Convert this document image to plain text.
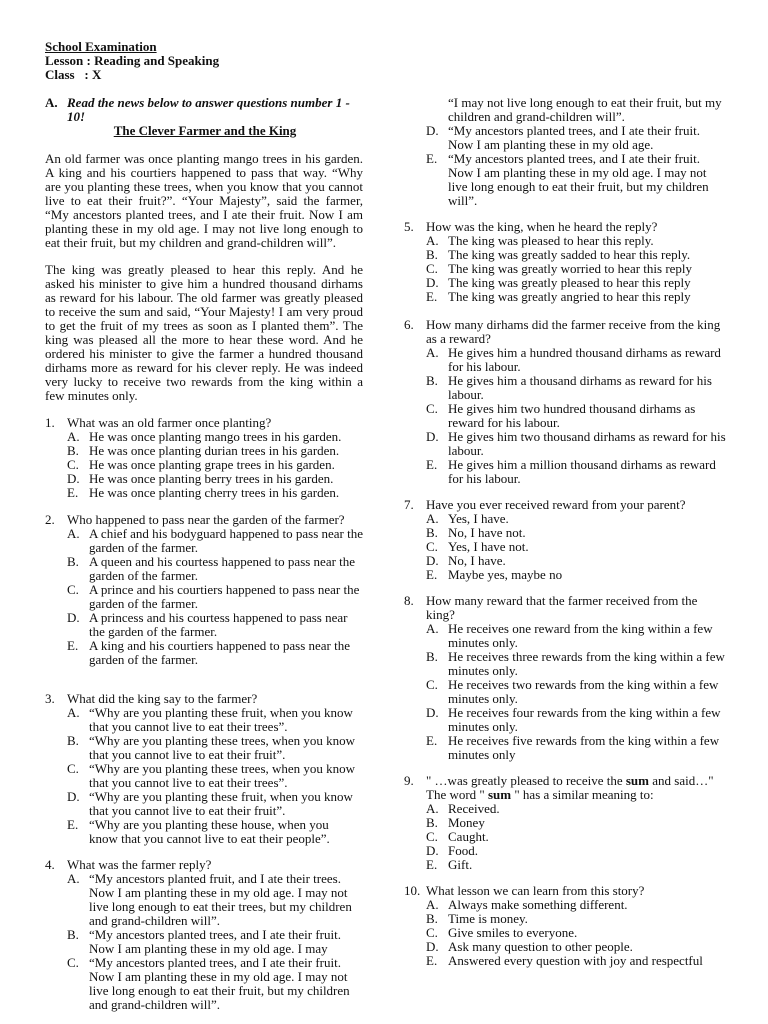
School Examination
Lesson : Reading and Speaking
Class   : X
A. Read the news below to answer questions number 1 - 10!
The Clever Farmer and the King
An old farmer was once planting mango trees in his garden. A king and his courtiers happened to pass that way. “Why are you planting these trees, when you know that you cannot live to eat their fruit?”. “Your Majesty”, said the farmer, “My ancestors planted trees, and I ate their fruit. Now I am planting these in my old age. I may not live long enough to eat their fruit, but my children and grand-children will”.
The king was greatly pleased to hear this reply. And he asked his minister to give him a hundred thousand dirhams as reward for his labour. The old farmer was greatly pleased to receive the sum and said, “Your Majesty! I am very proud to get the fruit of my trees as soon as I planted them”. The king was pleased all the more to hear these word. And he ordered his minister to give the farmer a hundred thousand dirhams more as reward for his clever reply. He was indeed very lucky to receive two rewards from the king within a few minutes only.
1. What was an old farmer once planting?
A. He was once planting mango trees in his garden.
B. He was once planting durian trees in his garden.
C. He was once planting grape trees in his garden.
D. He was once planting berry trees in his garden.
E. He was once planting cherry trees in his garden.
2. Who happened to pass near the garden of the farmer?
A. A chief and his bodyguard happened to pass near the garden of the farmer.
B. A queen and his courtess happened to pass near the garden of the farmer.
C. A prince and his courtiers happened to pass near the garden of the farmer.
D. A princess and his courtess happened to pass near the garden of the farmer.
E. A king and his courtiers happened to pass near the garden of the farmer.
3. What did the king say to the farmer?
A. “Why are you planting these fruit, when you know that you cannot live to eat their trees”.
B. “Why are you planting these trees, when you know that you cannot live to eat their fruit”.
C. “Why are you planting these trees, when you know that you cannot live to eat their trees”.
D. “Why are you planting these fruit, when you know that you cannot live to eat their fruit”.
E. “Why are you planting these house, when you know that you cannot live to eat their people”.
4. What was the farmer reply?
A. “My ancestors planted fruit, and I ate their trees. Now I am planting these in my old age. I may not live long enough to eat their trees, but my children and grand-children will”.
B. “My ancestors planted trees, and I ate their fruit. Now I am planting these in my old age. I may
C. “My ancestors planted trees, and I ate their fruit. Now I am planting these in my old age. I may not live long enough to eat their fruit, but my children and grand-children will”.
“I may not live long enough to eat their fruit, but my children and grand-children will”.
D. “My ancestors planted trees, and I ate their fruit. Now I am planting these in my old age.
E. “My ancestors planted trees, and I ate their fruit. Now I am planting these in my old age. I may not live long enough to eat their fruit, but my children will”.
5. How was the king, when he heard the reply?
A. The king was pleased to hear this reply.
B. The king was greatly sadded to hear this reply.
C. The king was greatly worried to hear this reply
D. The king was greatly pleased to hear this reply
E. The king was greatly angried to hear this reply
6. How many dirhams did the farmer receive from the king as a reward?
A. He gives him a hundred thousand dirhams as reward for his labour.
B. He gives him a thousand dirhams as reward for his labour.
C. He gives him two hundred thousand dirhams as reward for his labour.
D. He gives him two thousand dirhams as reward for his labour.
E. He gives him a million thousand dirhams as reward for his labour.
7. Have you ever received reward from your parent?
A. Yes, I have.
B. No, I have not.
C. Yes, I have not.
D. No, I have.
E. Maybe yes, maybe no
8. How many reward that the farmer received from the king?
A. He receives one reward from the king within a few minutes only.
B. He receives three rewards from the king within a few minutes only.
C. He receives two rewards from the king within a few minutes only.
D. He receives four rewards from the king within a few minutes only.
E. He receives five rewards from the king within a few minutes only
9. " …was greatly pleased to receive the sum and said…" The word " sum " has a similar meaning to:
A. Received.
B. Money
C. Caught.
D. Food.
E. Gift.
10. What lesson we can learn from this story?
A. Always make something different.
B. Time is money.
C. Give smiles to everyone.
D. Ask many question to other people.
E. Answered every question with joy and respectful
